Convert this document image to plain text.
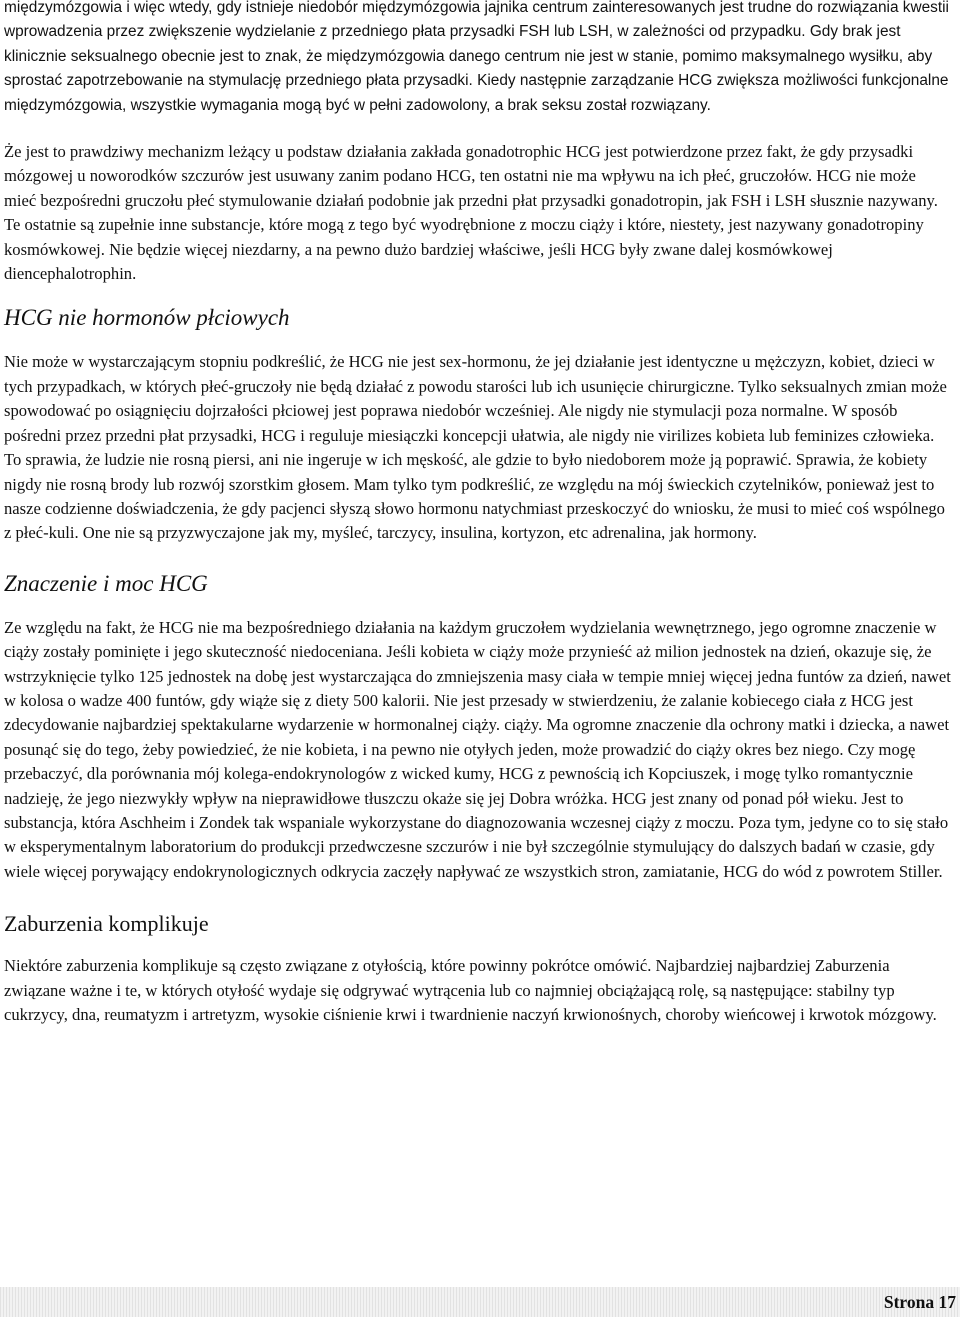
międzymózgowia i więc wtedy, gdy istnieje niedobór międzymózgowia jajnika centrum zainteresowanych jest trudne do rozwiązania kwestii wprowadzenia przez zwiększenie wydzielanie z przedniego płata przysadki FSH lub LSH, w zależności od przypadku. Gdy brak jest klinicznie seksualnego obecnie jest to znak, że międzymózgowia danego centrum nie jest w stanie, pomimo maksymalnego wysiłku, aby sprostać zapotrzebowanie na stymulację przedniego płata przysadki. Kiedy następnie zarządzanie HCG zwiększa możliwości funkcjonalne międzymózgowia, wszystkie wymagania mogą być w pełni zadowolony, a brak seksu został rozwiązany.

Że jest to prawdziwy mechanizm leżący u podstaw działania zakłada gonadotrophic HCG jest potwierdzone przez fakt, że gdy przysadki mózgowej u noworodków szczurów jest usuwany zanim podano HCG, ten ostatni nie ma wpływu na ich płeć, gruczołów. HCG nie może mieć bezpośredni gruczołu płeć stymulowanie działań podobnie jak przedni płat przysadki gonadotropin, jak FSH i LSH słusznie nazywany. Te ostatnie są zupełnie inne substancje, które mogą z tego być wyodrębnione z moczu ciąży i które, niestety, jest nazywany gonadotropiny kosmówkowej. Nie będzie więcej niezdarny, a na pewno dużo bardziej właściwe, jeśli HCG były zwane dalej kosmówkowej diencephalotrophin.

HCG nie hormonów płciowych

Nie może w wystarczającym stopniu podkreślić, że HCG nie jest sex-hormonu, że jej działanie jest identyczne u mężczyzn, kobiet, dzieci w tych przypadkach, w których płeć-gruczoły nie będą działać z powodu starości lub ich usunięcie chirurgiczne. Tylko seksualnych zmian może spowodować po osiągnięciu dojrzałości płciowej jest poprawa niedobór wcześniej. Ale nigdy nie stymulacji poza normalne. W sposób pośredni przez przedni płat przysadki, HCG i reguluje miesiączki koncepcji ułatwia, ale nigdy nie virilizes kobieta lub feminizes człowieka. To sprawia, że ludzie nie rosną piersi, ani nie ingeruje w ich męskość, ale gdzie to było niedoborem może ją poprawić. Sprawia, że kobiety nigdy nie rosną brody lub rozwój szorstkim głosem. Mam tylko tym podkreślić, ze względu na mój świeckich czytelników, ponieważ jest to nasze codzienne doświadczenia, że gdy pacjenci słyszą słowo hormonu natychmiast przeskoczyć do wniosku, że musi to mieć coś wspólnego z płeć-kuli. One nie są przyzwyczajone jak my, myśleć, tarczycy, insulina, kortyzon, etc adrenalina, jak hormony.

Znaczenie i moc HCG

Ze względu na fakt, że HCG nie ma bezpośredniego działania na każdym gruczołem wydzielania wewnętrznego, jego ogromne znaczenie w ciąży zostały pominięte i jego skuteczność niedoceniana. Jeśli kobieta w ciąży może przynieść aż milion jednostek na dzień, okazuje się, że wstrzyknięcie tylko 125 jednostek na dobę jest wystarczająca do zmniejszenia masy ciała w tempie mniej więcej jedna funtów za dzień, nawet w kolosa o wadze 400 funtów, gdy wiąże się z diety 500 kalorii. Nie jest przesady w stwierdzeniu, że zalanie kobiecego ciała z HCG jest zdecydowanie najbardziej spektakularne wydarzenie w hormonalnej ciąży. ciąży. Ma ogromne znaczenie dla ochrony matki i dziecka, a nawet posunąć się do tego, żeby powiedzieć, że nie kobieta, i na pewno nie otyłych jeden, może prowadzić do ciąży okres bez niego. Czy mogę przebaczyć, dla porównania mój kolega-endokrynologów z wicked kumy, HCG z pewnością ich Kopciuszek, i mogę tylko romantycznie nadzieję, że jego niezwykły wpływ na nieprawidłowe tłuszczu okaże się jej Dobra wróżka. HCG jest znany od ponad pół wieku. Jest to substancja, która Aschheim i Zondek tak wspaniale wykorzystane do diagnozowania wczesnej ciąży z moczu. Poza tym, jedyne co to się stało w eksperymentalnym laboratorium do produkcji przedwczesne szczurów i nie był szczególnie stymulujący do dalszych badań w czasie, gdy wiele więcej porywający endokrynologicznych odkrycia zaczęły napływać ze wszystkich stron, zamiatanie, HCG do wód z powrotem Stiller.

Zaburzenia komplikuje

Niektóre zaburzenia komplikuje są często związane z otyłością, które powinny pokrótce omówić. Najbardziej najbardziej Zaburzenia związane ważne i te, w których otyłość wydaje się odgrywać wytrącenia lub co najmniej obciążającą rolę, są następujące: stabilny typ cukrzycy, dna, reumatyzm i artretyzm, wysokie ciśnienie krwi i twardnienie naczyń krwionośnych, choroby wieńcowej i krwotok mózgowy.

Strona 17
